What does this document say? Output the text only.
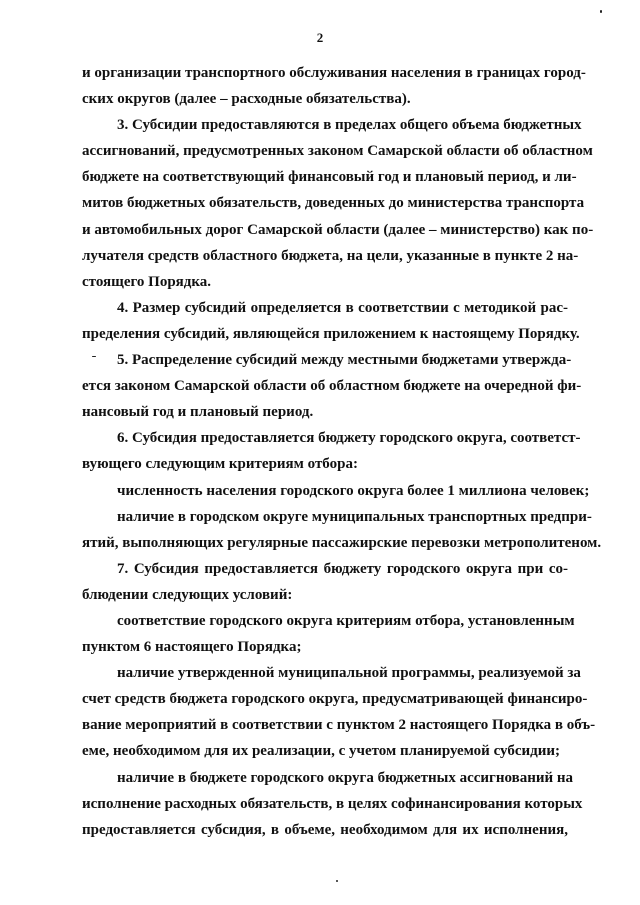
2
и организации транспортного обслуживания населения в границах город-
ских округов (далее – расходные обязательства).
3. Субсидии предоставляются в пределах общего объема бюджетных
ассигнований, предусмотренных законом Самарской области об областном
бюджете на соответствующий финансовый год и плановый период, и ли-
митов бюджетных обязательств, доведенных до министерства транспорта
и автомобильных дорог Самарской области (далее – министерство) как по-
лучателя средств областного бюджета, на цели, указанные в пункте 2 на-
стоящего Порядка.
4. Размер субсидий определяется в соответствии с методикой рас-
пределения субсидий, являющейся приложением к настоящему Порядку.
5. Распределение субсидий между местными бюджетами утвержда-
ется законом Самарской области об областном бюджете на очередной фи-
нансовый год и плановый период.
6. Субсидия предоставляется бюджету городского округа, соответст-
вующего следующим критериям отбора:
численность населения городского округа более 1 миллиона человек;
наличие в городском округе муниципальных транспортных предпри-
ятий, выполняющих регулярные пассажирские перевозки метрополитеном.
7. Субсидия предоставляется бюджету городского округа при со-
блюдении следующих условий:
соответствие городского округа критериям отбора, установленным
пунктом 6 настоящего Порядка;
наличие утвержденной муниципальной программы, реализуемой за
счет средств бюджета городского округа, предусматривающей финансиро-
вание мероприятий в соответствии с пунктом 2 настоящего Порядка в объ-
еме, необходимом для их реализации, с учетом планируемой субсидии;
наличие в бюджете городского округа бюджетных ассигнований на
исполнение расходных обязательств, в целях софинансирования которых
предоставляется субсидия, в объеме, необходимом для их исполнения,
